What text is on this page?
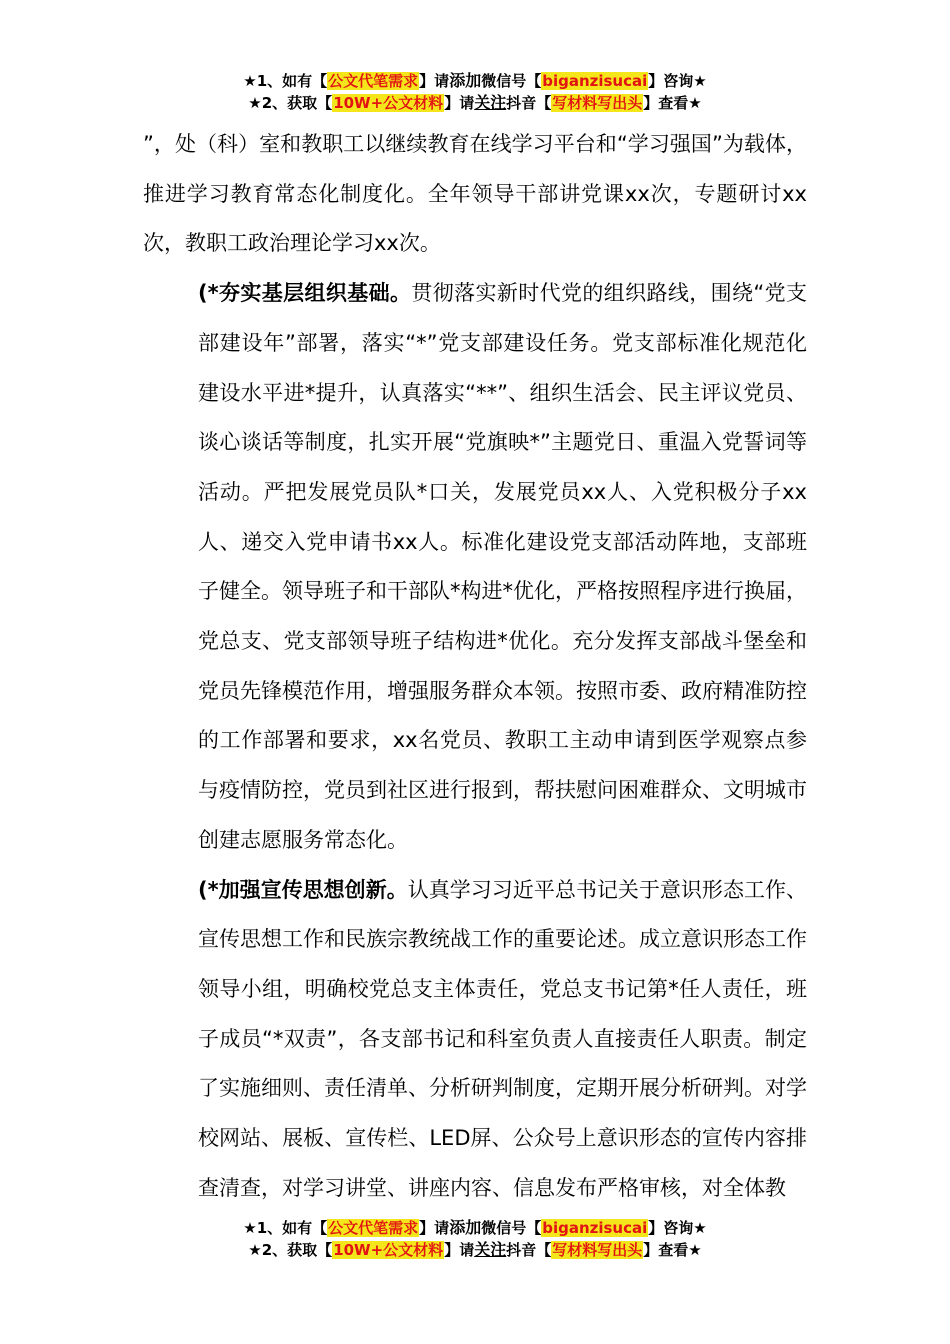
★1、如有【公文代笔需求】请添加微信号【biganzisucai】咨询★
★2、获取【10W+公文材料】请关注抖音【写材料写出头】查看★

”，处（科）室和教职工以继续教育在线学习平台和“学习强国”为载体，推进学习教育常态化制度化。全年领导干部讲党课xx次，专题研讨xx次，教职工政治理论学习xx次。

(*夯实基层组织基础。贯彻落实新时代党的组织路线，围绕“党支部建设年”部署，落实“*”党支部建设任务。党支部标准化规范化建设水平进*提升，认真落实“**”、组织生活会、民主评议党员、谈心谈话等制度，扎实开展“党旗映*”主题党日、重温入党誓词等活动。严把发展党员队*口关，发展党员xx人、入党积极分子xx人、递交入党申请书xx人。标准化建设党支部活动阵地，支部班子健全。领导班子和干部队*构进*优化，严格按照程序进行换届，党总支、党支部领导班子结构进*优化。充分发挥支部战斗堡垒和党员先锋模范作用，增强服务群众本领。按照市委、政府精准防控的工作部署和要求，xx名党员、教职工主动申请到医学观察点参与疫情防控，党员到社区进行报到，帮扶慰问困难群众、文明城市创建志愿服务常态化。

(*加强宣传思想创新。认真学习习近平总书记关于意识形态工作、宣传思想工作和民族宗教统战工作的重要论述。成立意识形态工作领导小组，明确校党总支主体责任，党总支书记第*任人责任，班子成员“*双责”，各支部书记和科室负责人直接责任人职责。制定了实施细则、责任清单、分析研判制度，定期开展分析研判。对学校网站、展板、宣传栏、LED屏、公众号上意识形态的宣传内容排查清查，对学习讲堂、讲座内容、信息发布严格审核，对全体教

★1、如有【公文代笔需求】请添加微信号【biganzisucai】咨询★
★2、获取【10W+公文材料】请关注抖音【写材料写出头】查看★
